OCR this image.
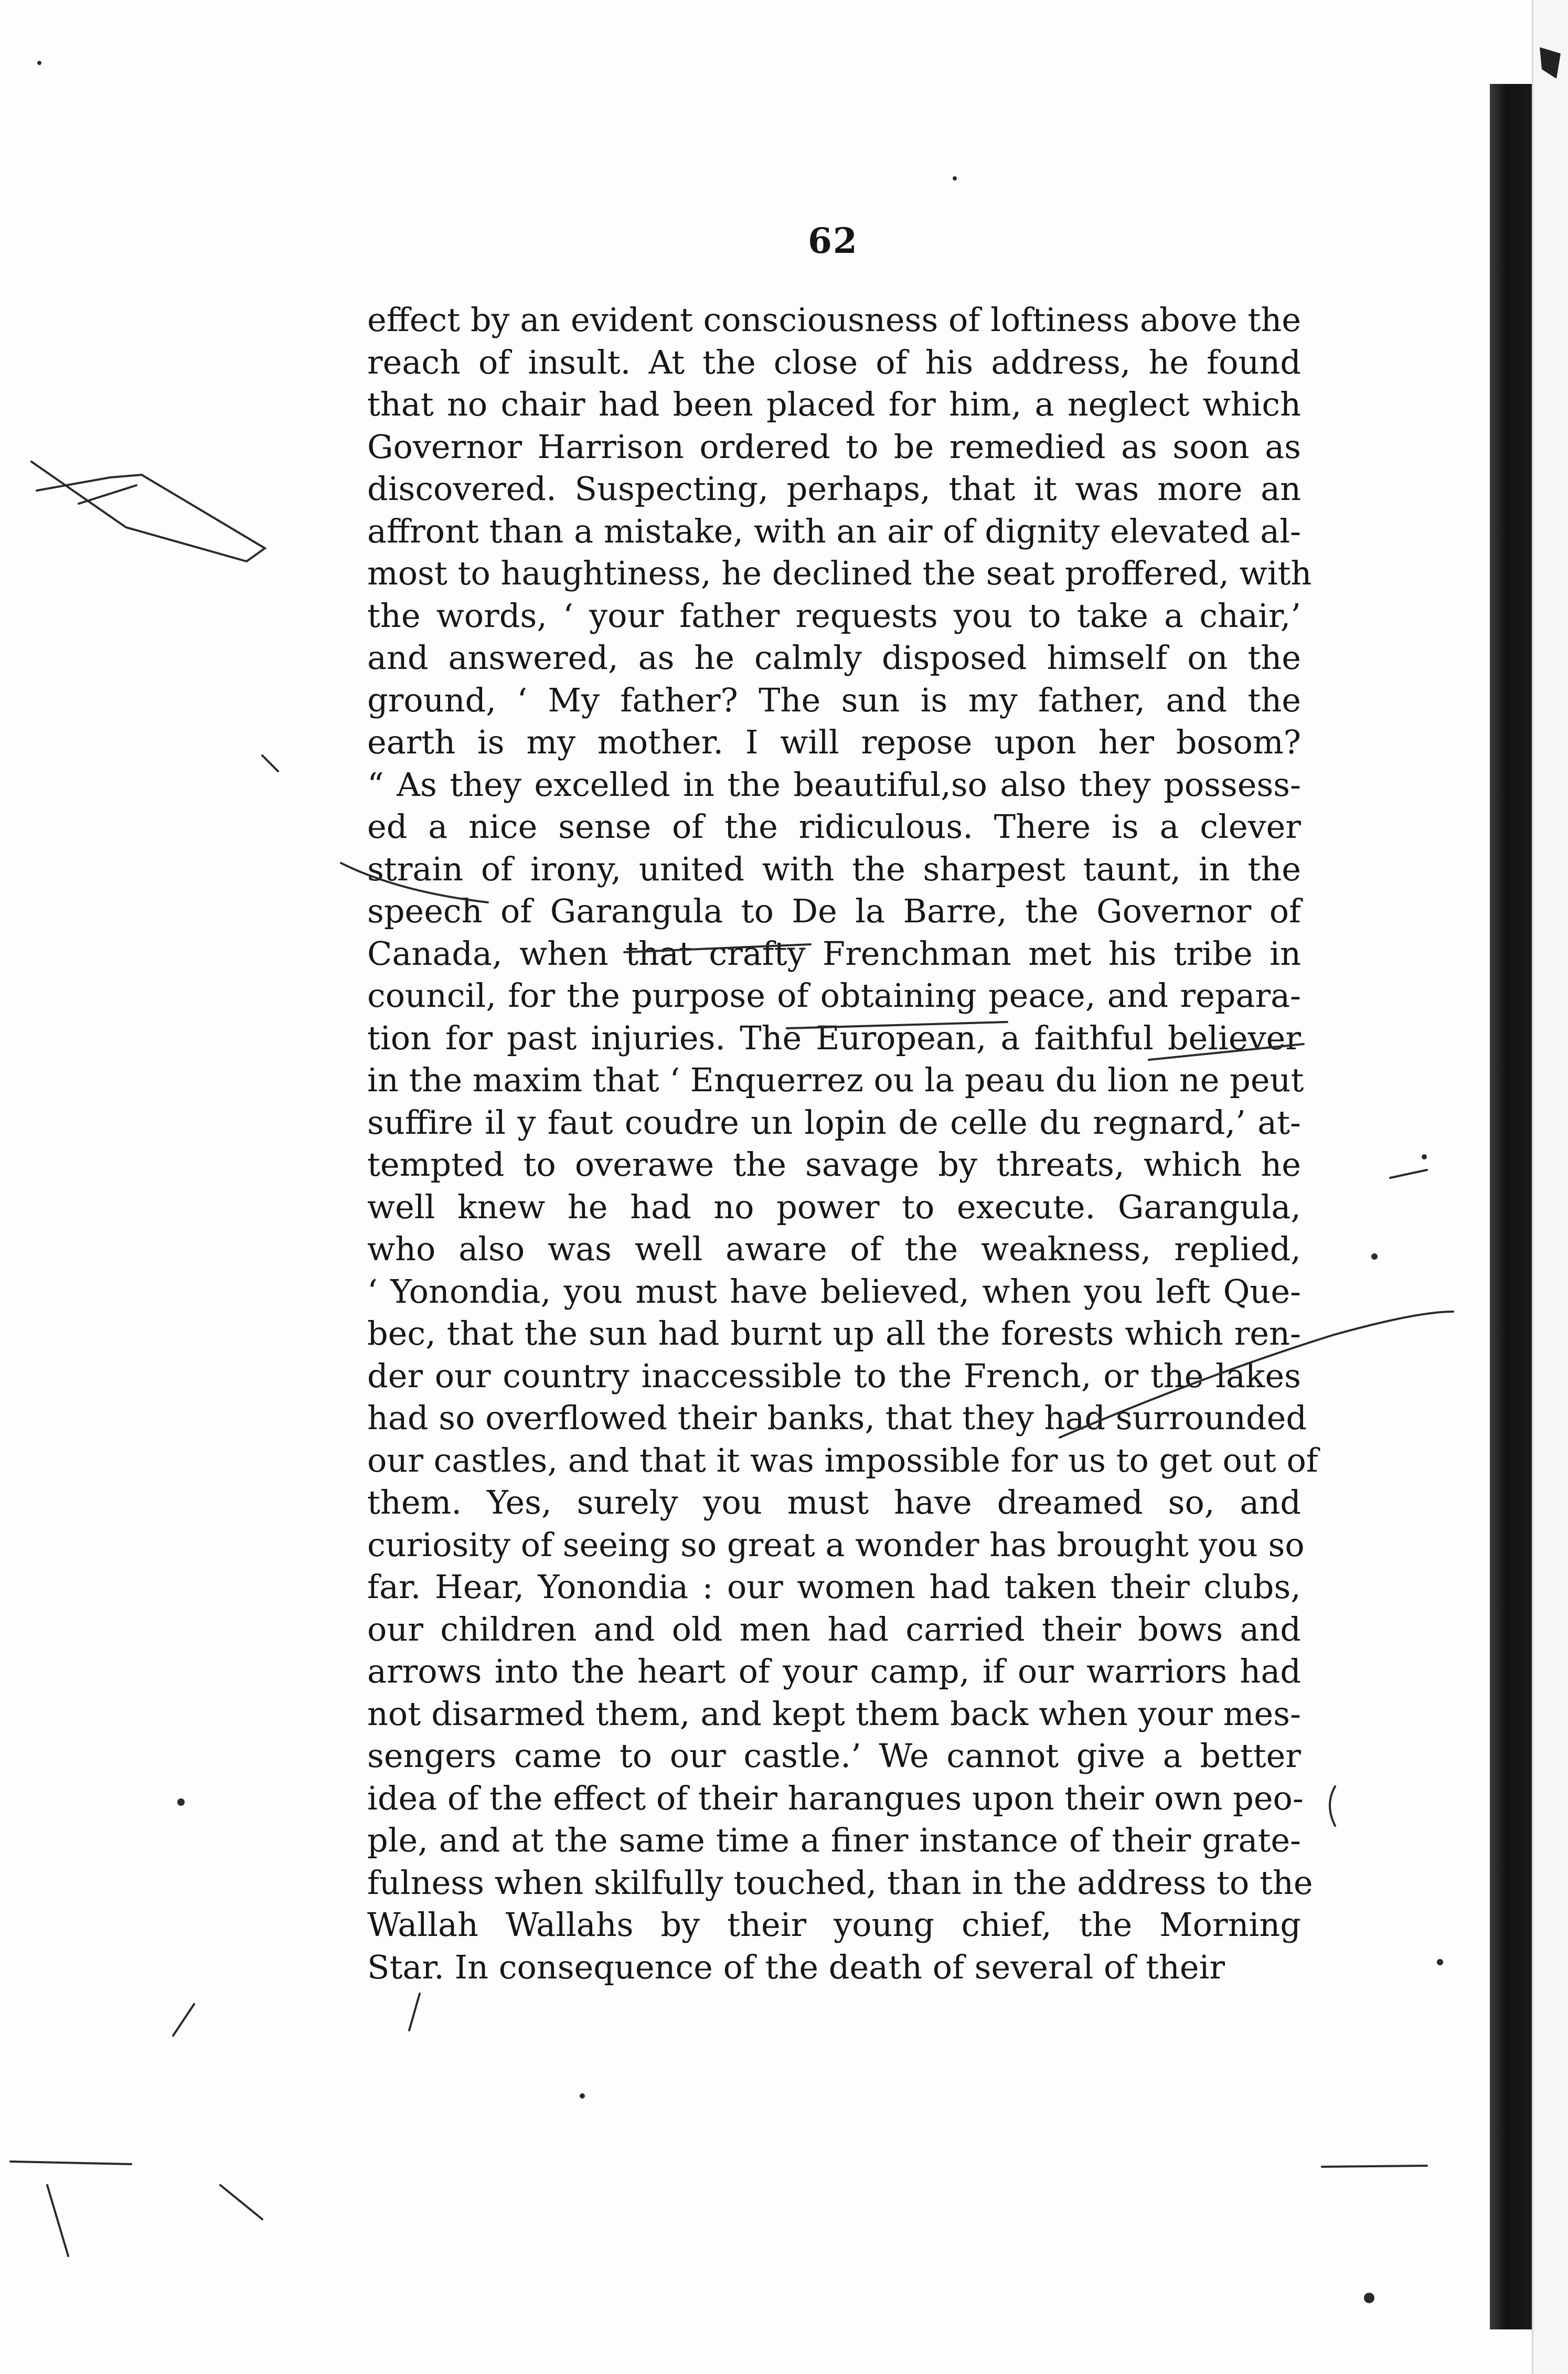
62
effect by an evident consciousness of loftiness above the
reach of insult. At the close of his address, he found
that no chair had been placed for him, a neglect which
Governor Harrison ordered to be remedied as soon as
discovered. Suspecting, perhaps, that it was more an
affront than a mistake, with an air of dignity elevated al-
most to haughtiness, he declined the seat proffered, with
the words, ‘ your father requests you to take a chair,’
and answered, as he calmly disposed himself on the
ground, ‘ My father? The sun is my father, and the
earth is my mother. I will repose upon her bosom?
“ As they excelled in the beautiful,so also they possess-
ed a nice sense of the ridiculous. There is a clever
strain of irony, united with the sharpest taunt, in the
speech of Garangula to De la Barre, the Governor of
Canada, when that crafty Frenchman met his tribe in
council, for the purpose of obtaining peace, and repara-
tion for past injuries. The European, a faithful believer
in the maxim that ‘ Enquerrez ou la peau du lion ne peut
suffire il y faut coudre un lopin de celle du regnard,’ at-
tempted to overawe the savage by threats, which he
well knew he had no power to execute. Garangula,
who also was well aware of the weakness, replied,
‘ Yonondia, you must have believed, when you left Que-
bec, that the sun had burnt up all the forests which ren-
der our country inaccessible to the French, or the lakes
had so overflowed their banks, that they had surrounded
our castles, and that it was impossible for us to get out of
them. Yes, surely you must have dreamed so, and
curiosity of seeing so great a wonder has brought you so
far. Hear, Yonondia : our women had taken their clubs,
our children and old men had carried their bows and
arrows into the heart of your camp, if our warriors had
not disarmed them, and kept them back when your mes-
sengers came to our castle.’ We cannot give a better
idea of the effect of their harangues upon their own peo-
ple, and at the same time a finer instance of their grate-
fulness when skilfully touched, than in the address to the
Wallah Wallahs by their young chief, the Morning
Star. In consequence of the death of several of their
